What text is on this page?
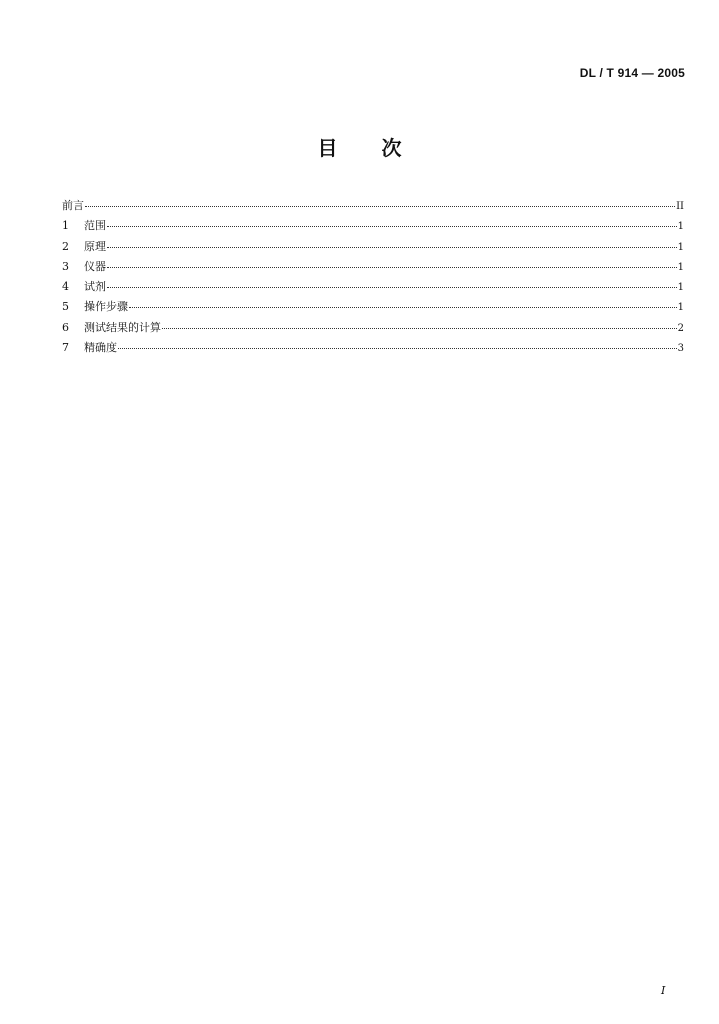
DL / T 914 — 2005
目 次
前言	II
1	范围	1
2	原理	1
3	仪器	1
4	试剂	1
5	操作步骤	1
6	测试结果的计算	2
7	精确度	3
I
